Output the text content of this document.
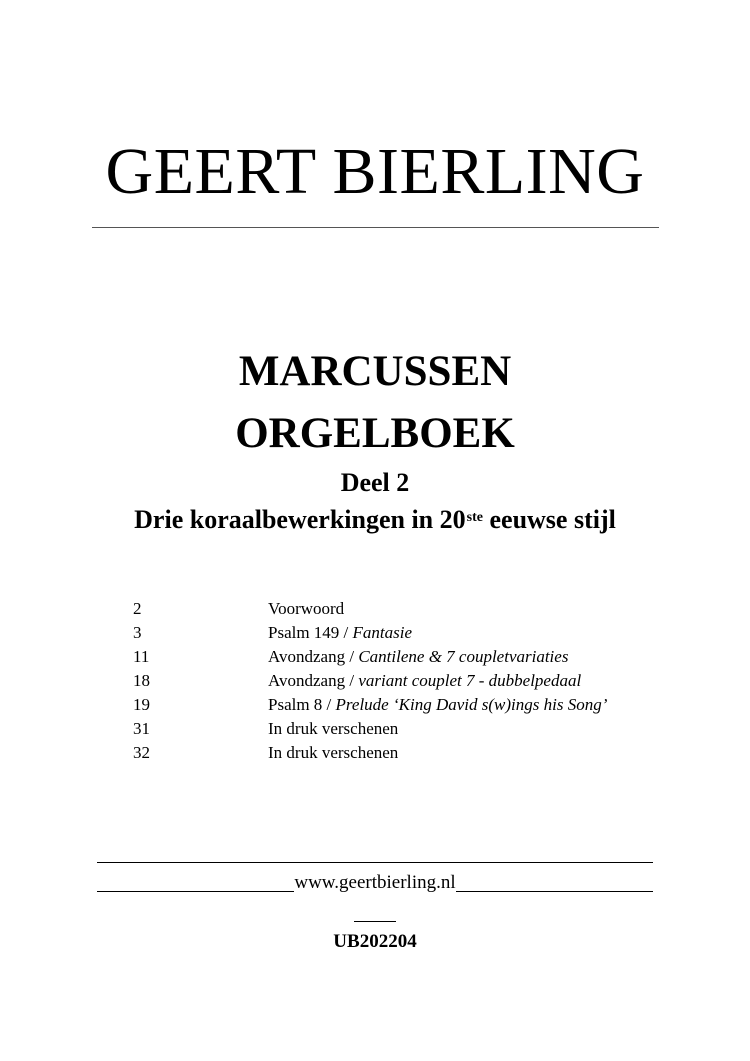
GEERT BIERLING
MARCUSSEN
ORGELBOEK
Deel 2
Drie koraalbewerkingen in 20ste eeuwse stijl
2	Voorwoord
3	Psalm 149 / Fantasie
11	Avondzang / Cantilene & 7 coupletvariaties
18	Avondzang / variant couplet 7 - dubbelpedaal
19	Psalm 8 / Prelude ‘King David s(w)ings his Song’
31	In druk verschenen
32	In druk verschenen
www.geertbierling.nl
UB202204
